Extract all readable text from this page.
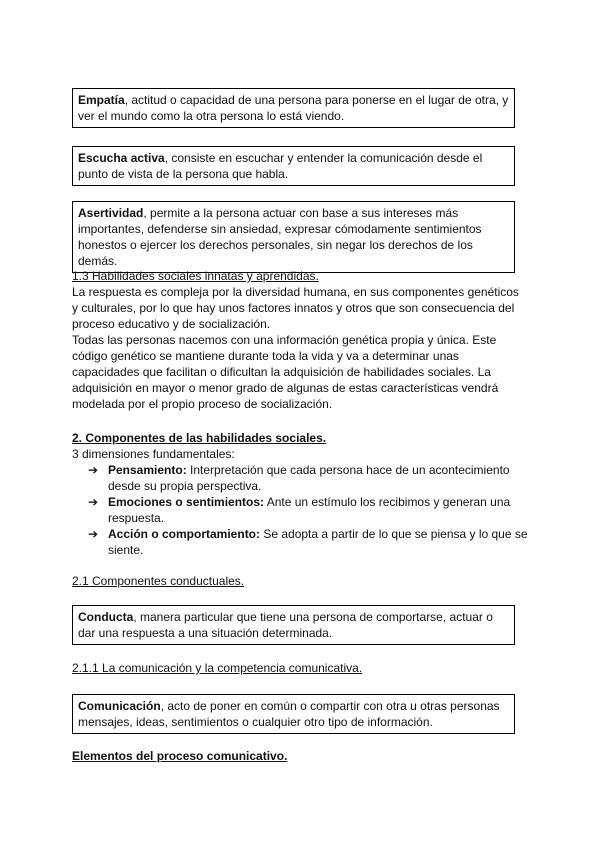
Empatía, actitud o capacidad de una persona para ponerse en el lugar de otra, y ver el mundo como la otra persona lo está viendo.
Escucha activa, consiste en escuchar y entender la comunicación desde el punto de vista de la persona que habla.
Asertividad, permite a la persona actuar con base a sus intereses más importantes, defenderse sin ansiedad, expresar cómodamente sentimientos honestos o ejercer los derechos personales, sin negar los derechos de los demás.
1.3 Habilidades sociales innatas y aprendidas.
La respuesta es compleja por la diversidad humana, en sus componentes genéticos y culturales, por lo que hay unos factores innatos y otros que son consecuencia del proceso educativo y de socialización.
Todas las personas nacemos con una información genética propia y única. Este código genético se mantiene durante toda la vida y va a determinar unas capacidades que facilitan o dificultan la adquisición de habilidades sociales. La adquisición en mayor o menor grado de algunas de estas características vendrá modelada por el propio proceso de socialización.
2. Componentes de las habilidades sociales.
3 dimensiones fundamentales:
➔ Pensamiento: Interpretación que cada persona hace de un acontecimiento desde su propia perspectiva.
➔ Emociones o sentimientos: Ante un estímulo los recibimos y generan una respuesta.
➔ Acción o comportamiento: Se adopta a partir de lo que se piensa y lo que se siente.
2.1 Componentes conductuales.
Conducta, manera particular que tiene una persona de comportarse, actuar o dar una respuesta a una situación determinada.
2.1.1 La comunicación y la competencia comunicativa.
Comunicación, acto de poner en común o compartir con otra u otras personas mensajes, ideas, sentimientos o cualquier otro tipo de información.
Elementos del proceso comunicativo.
